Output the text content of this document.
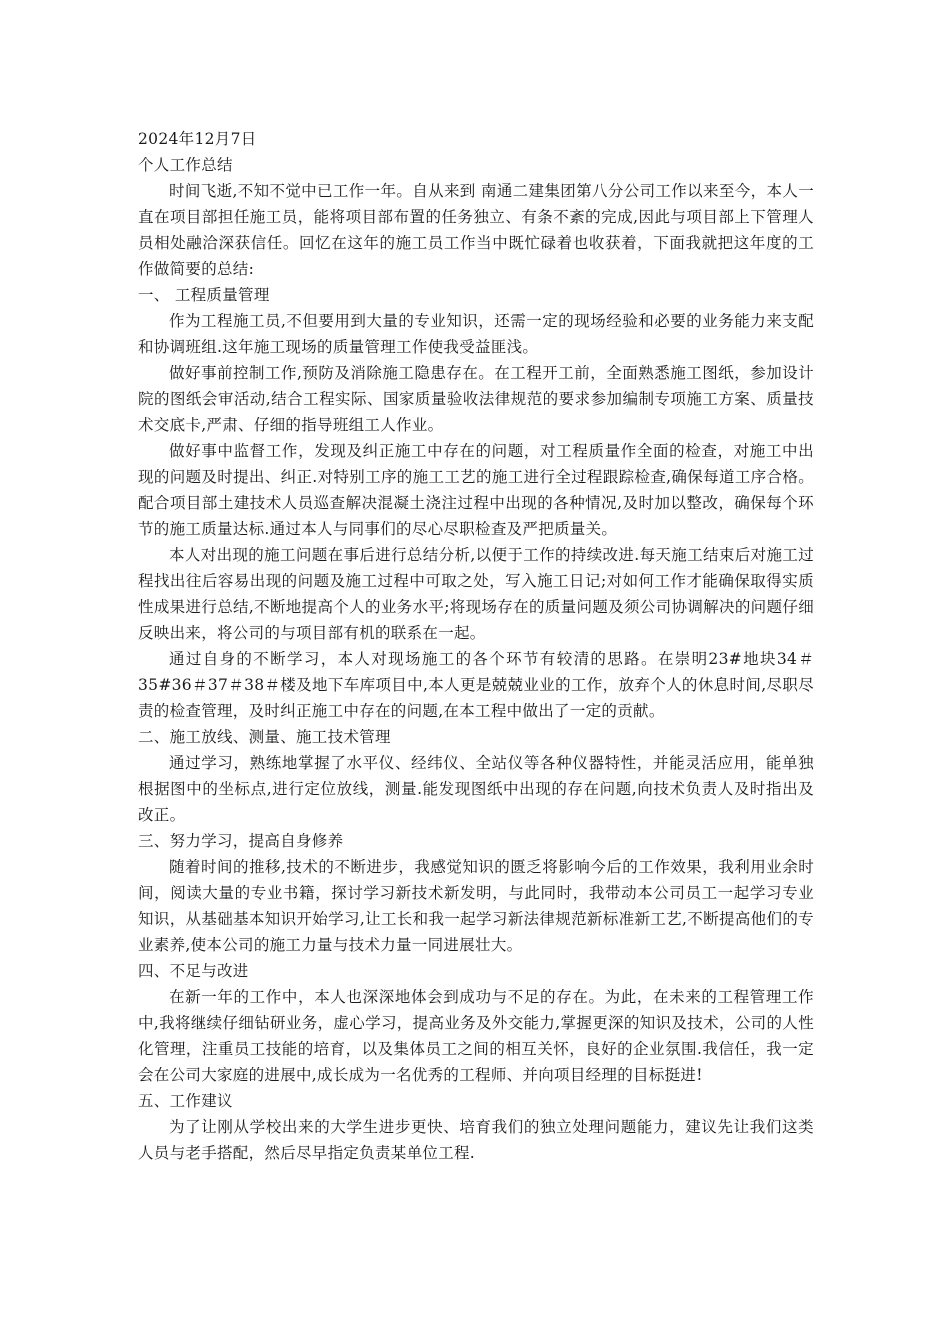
2024年12月7日

个人工作总结

时间飞逝,不知不觉中已工作一年。自从来到 南通二建集团第八分公司工作以来至今，本人一直在项目部担任施工员，能将项目部布置的任务独立、有条不紊的完成,因此与项目部上下管理人员相处融洽深获信任。回忆在这年的施工员工作当中既忙碌着也收获着，下面我就把这年度的工作做简要的总结:

一、 工程质量管理

作为工程施工员,不但要用到大量的专业知识，还需一定的现场经验和必要的业务能力来支配和协调班组.这年施工现场的质量管理工作使我受益匪浅。

做好事前控制工作,预防及消除施工隐患存在。在工程开工前，全面熟悉施工图纸，参加设计院的图纸会审活动,结合工程实际、国家质量验收法律规范的要求参加编制专项施工方案、质量技术交底卡,严肃、仔细的指导班组工人作业。

做好事中监督工作，发现及纠正施工中存在的问题，对工程质量作全面的检查，对施工中出现的问题及时提出、纠正.对特别工序的施工工艺的施工进行全过程跟踪检查,确保每道工序合格。配合项目部土建技术人员巡查解决混凝土浇注过程中出现的各种情况,及时加以整改，确保每个环节的施工质量达标.通过本人与同事们的尽心尽职检查及严把质量关。

本人对出现的施工问题在事后进行总结分析,以便于工作的持续改进.每天施工结束后对施工过程找出往后容易出现的问题及施工过程中可取之处，写入施工日记;对如何工作才能确保取得实质性成果进行总结,不断地提高个人的业务水平;将现场存在的质量问题及须公司协调解决的问题仔细反映出来，将公司的与项目部有机的联系在一起。

通过自身的不断学习，本人对现场施工的各个环节有较清的思路。在崇明23#地块34＃35#36＃37＃38＃楼及地下车库项目中,本人更是兢兢业业的工作，放弃个人的休息时间,尽职尽责的检查管理，及时纠正施工中存在的问题,在本工程中做出了一定的贡献。

二、施工放线、测量、施工技术管理

通过学习，熟练地掌握了水平仪、经纬仪、全站仪等各种仪器特性，并能灵活应用，能单独根据图中的坐标点,进行定位放线，测量.能发现图纸中出现的存在问题,向技术负责人及时指出及改正。

三、努力学习，提高自身修养

随着时间的推移,技术的不断进步，我感觉知识的匮乏将影响今后的工作效果，我利用业余时间，阅读大量的专业书籍，探讨学习新技术新发明，与此同时，我带动本公司员工一起学习专业知识，从基础基本知识开始学习,让工长和我一起学习新法律规范新标准新工艺,不断提高他们的专业素养,使本公司的施工力量与技术力量一同进展壮大。

四、不足与改进

在新一年的工作中，本人也深深地体会到成功与不足的存在。为此，在未来的工程管理工作中,我将继续仔细钻研业务，虚心学习，提高业务及外交能力,掌握更深的知识及技术，公司的人性化管理，注重员工技能的培育，以及集体员工之间的相互关怀，良好的企业氛围.我信任，我一定会在公司大家庭的进展中,成长成为一名优秀的工程师、并向项目经理的目标挺进!

五、工作建议

为了让刚从学校出来的大学生进步更快、培育我们的独立处理问题能力，建议先让我们这类人员与老手搭配，然后尽早指定负责某单位工程.
